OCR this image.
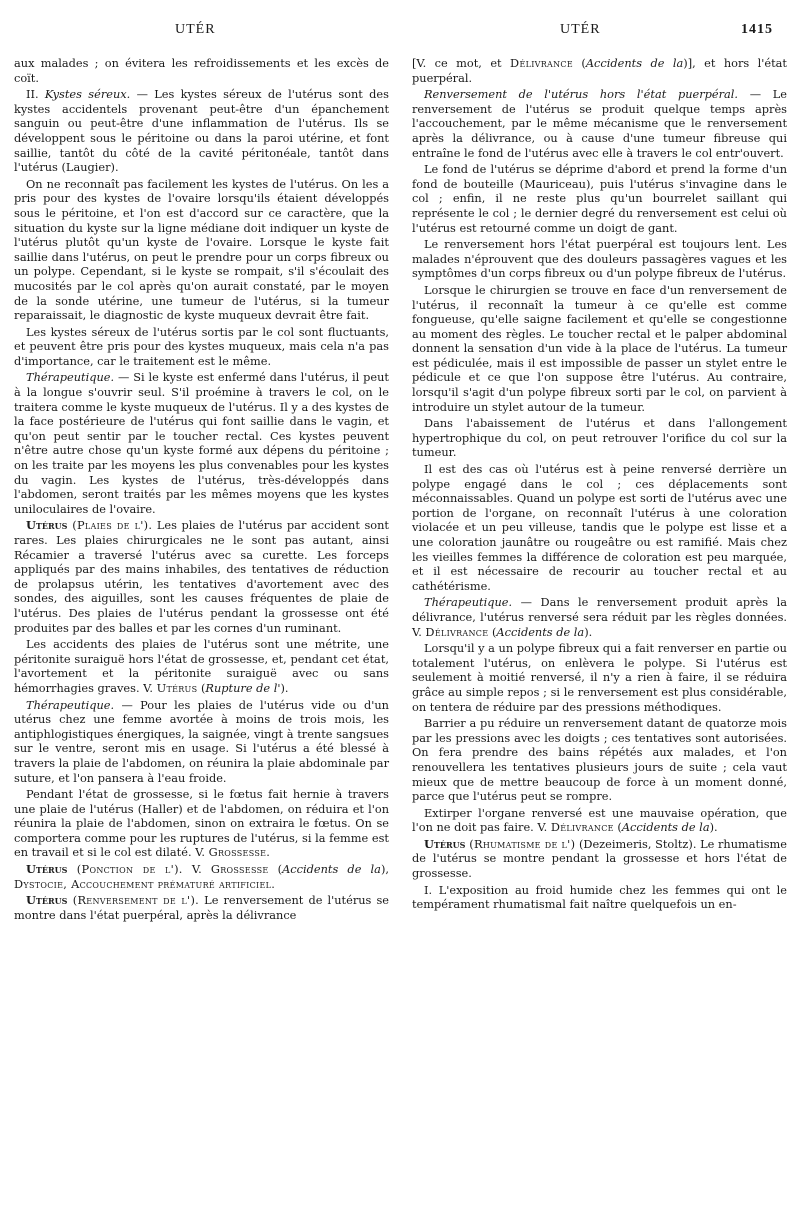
UTÉR	UTÉR	1415

aux malades ; on évitera les refroidissements et les excès de coït.

II. Kystes séreux. — Les kystes séreux de l'utérus sont des kystes accidentels provenant peut-être d'un épanchement sanguin ou peut-être d'une inflammation de l'utérus. Ils se développent sous le péritoine ou dans la paroi utérine, et font saillie, tantôt du côté de la cavité péritonéale, tantôt dans l'utérus (Laugier).

On ne reconnaît pas facilement les kystes de l'utérus. On les a pris pour des kystes de l'ovaire lorsqu'ils étaient développés sous le péritoine, et l'on est d'accord sur ce caractère, que la situation du kyste sur la ligne médiane doit indiquer un kyste de l'utérus plutôt qu'un kyste de l'ovaire. Lorsque le kyste fait saillie dans l'utérus, on peut le prendre pour un corps fibreux ou un polype. Cependant, si le kyste se rompait, s'il s'écoulait des mucosités par le col après qu'on aurait constaté, par le moyen de la sonde utérine, une tumeur de l'utérus, si la tumeur reparaissait, le diagnostic de kyste muqueux devrait être fait.

Les kystes séreux de l'utérus sortis par le col sont fluctuants, et peuvent être pris pour des kystes muqueux, mais cela n'a pas d'importance, car le traitement est le même.

Thérapeutique. — Si le kyste est enfermé dans l'utérus, il peut à la longue s'ouvrir seul. S'il proémine à travers le col, on le traitera comme le kyste muqueux de l'utérus. Il y a des kystes de la face postérieure de l'utérus qui font saillie dans le vagin, et qu'on peut sentir par le toucher rectal. Ces kystes peuvent n'être autre chose qu'un kyste formé aux dépens du péritoine ; on les traite par les moyens les plus convenables pour les kystes du vagin. Les kystes de l'utérus, très-développés dans l'abdomen, seront traités par les mêmes moyens que les kystes uniloculaires de l'ovaire.

Utérus (Plaies de l'). Les plaies de l'utérus par accident sont rares. Les plaies chirurgicales ne le sont pas autant, ainsi Récamier a traversé l'utérus avec sa curette. Les forceps appliqués par des mains inhabiles, des tentatives de réduction de prolapsus utérin, les tentatives d'avortement avec des sondes, des aiguilles, sont les causes fréquentes de plaie de l'utérus. Des plaies de l'utérus pendant la grossesse ont été produites par des balles et par les cornes d'un ruminant.

Les accidents des plaies de l'utérus sont une métrite, une péritonite suraiguë hors l'état de grossesse, et, pendant cet état, l'avortement et la péritonite suraiguë avec ou sans hémorrhagies graves. V. Utérus (Rupture de l').

Thérapeutique. — Pour les plaies de l'utérus vide ou d'un utérus chez une femme avortée à moins de trois mois, les antiphlogistiques énergiques, la saignée, vingt à trente sangsues sur le ventre, seront mis en usage. Si l'utérus a été blessé à travers la plaie de l'abdomen, on réunira la plaie abdominale par suture, et l'on pansera à l'eau froide.

Pendant l'état de grossesse, si le fœtus fait hernie à travers une plaie de l'utérus (Haller) et de l'abdomen, on réduira et l'on réunira la plaie de l'abdomen, sinon on extraira le fœtus. On se comportera comme pour les ruptures de l'utérus, si la femme est en travail et si le col est dilaté. V. Grossesse.

Utérus (Ponction de l'). V. Grossesse (Accidents de la), Dystocie, Accouchement prématuré artificiel.

Utérus (Renversement de l'). Le renversement de l'utérus se montre dans l'état puerpéral, après la délivrance

[V. ce mot, et Délivrance (Accidents de la)], et hors l'état puerpéral.

Renversement de l'utérus hors l'état puerpéral. — Le renversement de l'utérus se produit quelque temps après l'accouchement, par le même mécanisme que le renversement après la délivrance, ou à cause d'une tumeur fibreuse qui entraîne le fond de l'utérus avec elle à travers le col entr'ouvert.

Le fond de l'utérus se déprime d'abord et prend la forme d'un fond de bouteille (Mauriceau), puis l'utérus s'invagine dans le col ; enfin, il ne reste plus qu'un bourrelet saillant qui représente le col ; le dernier degré du renversement est celui où l'utérus est retourné comme un doigt de gant.

Le renversement hors l'état puerpéral est toujours lent. Les malades n'éprouvent que des douleurs passagères vagues et les symptômes d'un corps fibreux ou d'un polype fibreux de l'utérus.

Lorsque le chirurgien se trouve en face d'un renversement de l'utérus, il reconnaît la tumeur à ce qu'elle est comme fongueuse, qu'elle saigne facilement et qu'elle se congestionne au moment des règles. Le toucher rectal et le palper abdominal donnent la sensation d'un vide à la place de l'utérus. La tumeur est pédiculée, mais il est impossible de passer un stylet entre le pédicule et ce que l'on suppose être l'utérus. Au contraire, lorsqu'il s'agit d'un polype fibreux sorti par le col, on parvient à introduire un stylet autour de la tumeur.

Dans l'abaissement de l'utérus et dans l'allongement hypertrophique du col, on peut retrouver l'orifice du col sur la tumeur.

Il est des cas où l'utérus est à peine renversé derrière un polype engagé dans le col ; ces déplacements sont méconnaissables. Quand un polype est sorti de l'utérus avec une portion de l'organe, on reconnaît l'utérus à une coloration violacée et un peu villeuse, tandis que le polype est lisse et a une coloration jaunâtre ou rougeâtre ou est ramifié. Mais chez les vieilles femmes la différence de coloration est peu marquée, et il est nécessaire de recourir au toucher rectal et au cathétérisme.

Thérapeutique. — Dans le renversement produit après la délivrance, l'utérus renversé sera réduit par les règles données. V. Délivrance (Accidents de la).

Lorsqu'il y a un polype fibreux qui a fait renverser en partie ou totalement l'utérus, on enlèvera le polype. Si l'utérus est seulement à moitié renversé, il n'y a rien à faire, il se réduira grâce au simple repos ; si le renversement est plus considérable, on tentera de réduire par des pressions méthodiques.

Barrier a pu réduire un renversement datant de quatorze mois par les pressions avec les doigts ; ces tentatives sont autorisées. On fera prendre des bains répétés aux malades, et l'on renouvellera les tentatives plusieurs jours de suite ; cela vaut mieux que de mettre beaucoup de force à un moment donné, parce que l'utérus peut se rompre.

Extirper l'organe renversé est une mauvaise opération, que l'on ne doit pas faire. V. Délivrance (Accidents de la).

Utérus (Rhumatisme de l') (Dezeimeris, Stoltz). Le rhumatisme de l'utérus se montre pendant la grossesse et hors l'état de grossesse.

I. L'exposition au froid humide chez les femmes qui ont le tempérament rhumatismal fait naître quelquefois un en-
